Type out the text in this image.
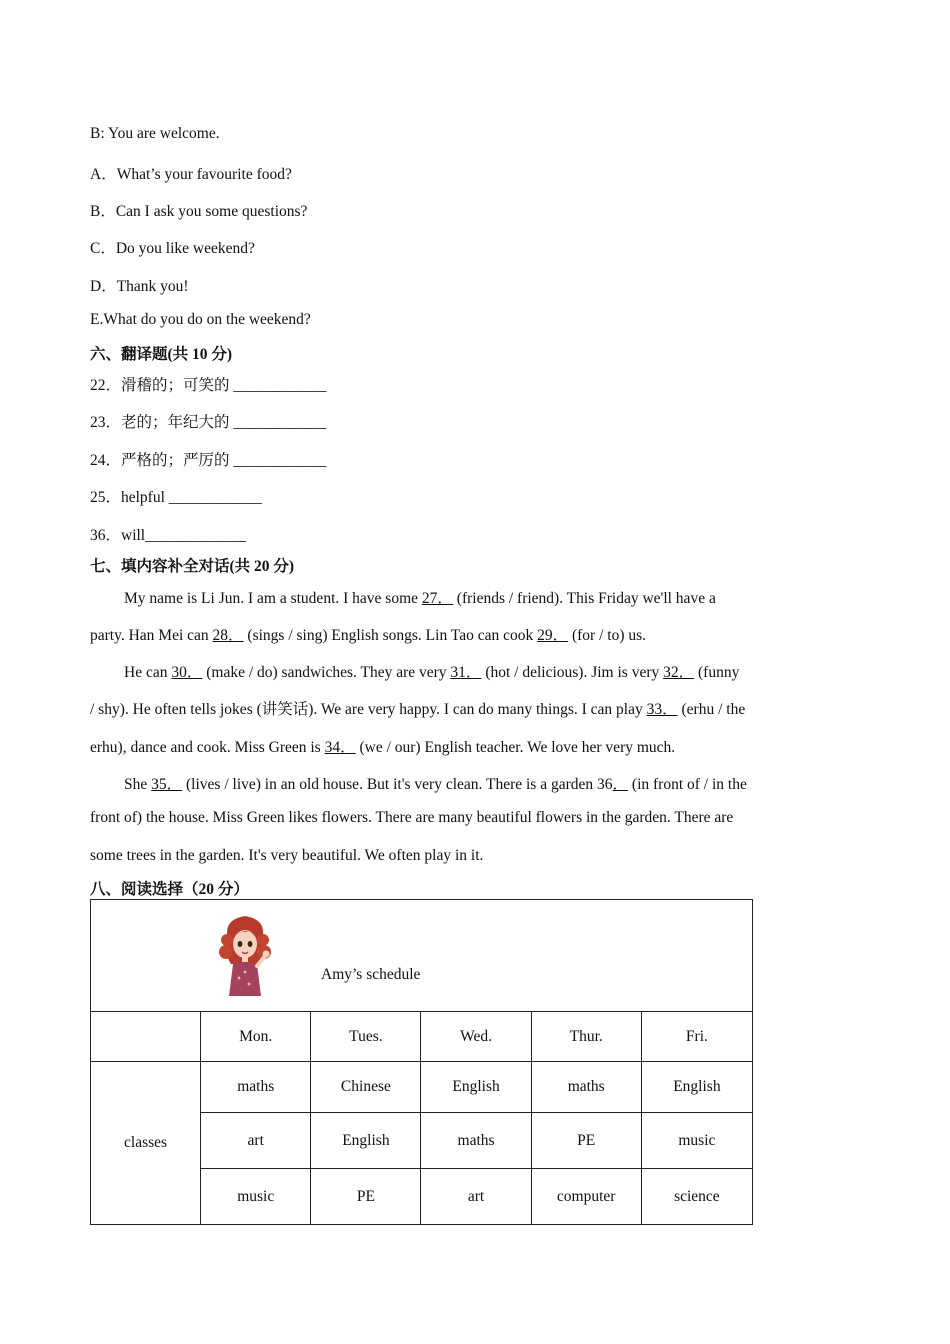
B: You are welcome.
A．What’s your favourite food?
B．Can I ask you some questions?
C．Do you like weekend?
D．Thank you!
E.What do you do on the weekend?
六、翻译题(共 10 分)
22．滑稽的；可笑的 ____________
23．老的；年纪大的 ____________
24．严格的；严厉的 ____________
25．helpful ____________
36．will_____________
七、填内容补全对话(共 20 分)
My name is Li Jun. I am a student. I have some 27． (friends / friend). This Friday we'll have a
party. Han Mei can 28． (sings / sing) English songs. Lin Tao can cook 29． (for / to) us.
He can 30． (make / do) sandwiches. They are very 31． (hot / delicious). Jim is very 32． (funny
/ shy). He often tells jokes (讲笑话). We are very happy. I can do many things. I can play 33． (erhu / the
erhu), dance and cook. Miss Green is 34． (we / our) English teacher. We love her very much.
She 35． (lives / live) in an old house. But it's very clean. There is a garden 36． (in front of / in the
front of) the house. Miss Green likes flowers. There are many beautiful flowers in the garden. There are
some trees in the garden. It's very beautiful. We often play in it.
八、阅读选择（20 分）
Amy’s schedule					

	Mon.	Tues.	Wed.	Thur.	Fri.
classes	maths	Chinese	English	maths	English
	art	English	maths	PE	music
	music	PE	art	computer	science
